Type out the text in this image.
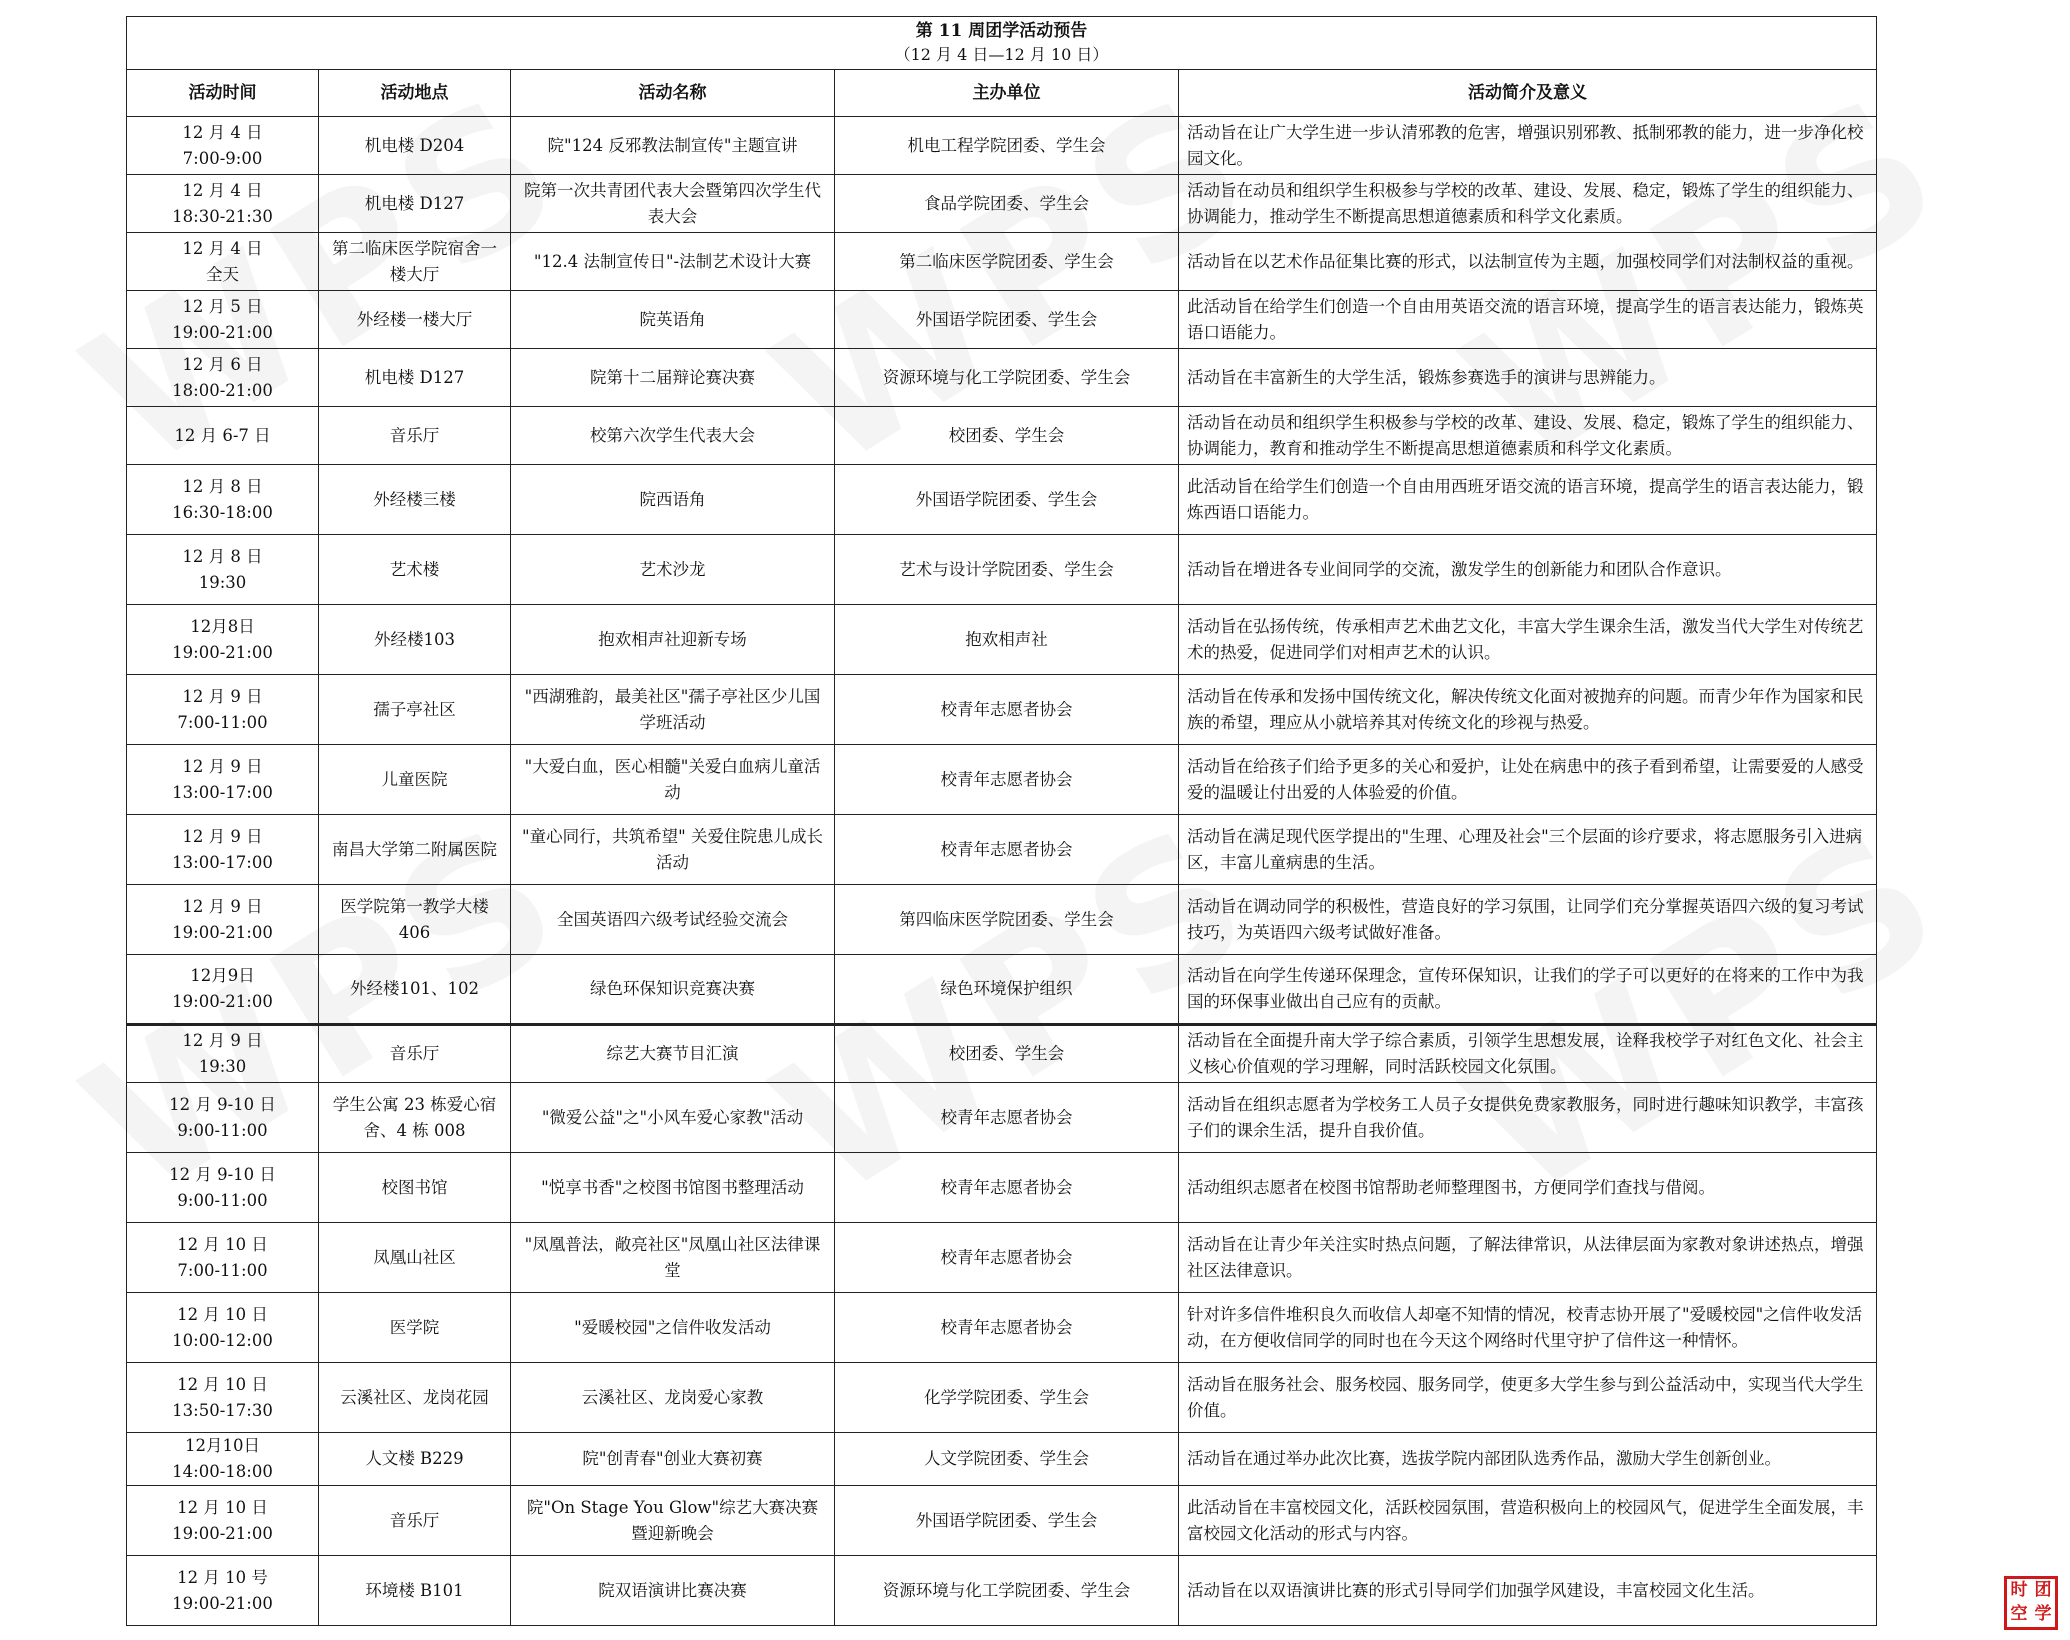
第 11 周团学活动预告
（12 月 4 日—12 月 10 日）				

活动时间	活动地点	活动名称	主办单位	活动简介及意义
12 月 4 日
7:00-9:00	机电楼 D204	院"124 反邪教法制宣传"主题宣讲	机电工程学院团委、学生会	活动旨在让广大学生进一步认清邪教的危害，增强识别邪教、抵制邪教的能力，进一步净化校园文化。
12 月 4 日
18:30-21:30	机电楼 D127	院第一次共青团代表大会暨第四次学生代表大会	食品学院团委、学生会	活动旨在动员和组织学生积极参与学校的改革、建设、发展、稳定，锻炼了学生的组织能力、协调能力，推动学生不断提高思想道德素质和科学文化素质。
12 月 4 日
全天	第二临床医学院宿舍一楼大厅	"12.4 法制宣传日"-法制艺术设计大赛	第二临床医学院团委、学生会	活动旨在以艺术作品征集比赛的形式，以法制宣传为主题，加强校同学们对法制权益的重视。
12 月 5 日
19:00-21:00	外经楼一楼大厅	院英语角	外国语学院团委、学生会	此活动旨在给学生们创造一个自由用英语交流的语言环境，提高学生的语言表达能力，锻炼英语口语能力。
12 月 6 日
18:00-21:00	机电楼 D127	院第十二届辩论赛决赛	资源环境与化工学院团委、学生会	活动旨在丰富新生的大学生活，锻炼参赛选手的演讲与思辨能力。
12 月 6-7 日	音乐厅	校第六次学生代表大会	校团委、学生会	活动旨在动员和组织学生积极参与学校的改革、建设、发展、稳定，锻炼了学生的组织能力、协调能力，教育和推动学生不断提高思想道德素质和科学文化素质。
12 月 8 日
16:30-18:00	外经楼三楼	院西语角	外国语学院团委、学生会	此活动旨在给学生们创造一个自由用西班牙语交流的语言环境，提高学生的语言表达能力，锻炼西语口语能力。
12 月 8 日
19:30	艺术楼	艺术沙龙	艺术与设计学院团委、学生会	活动旨在增进各专业间同学的交流，激发学生的创新能力和团队合作意识。
12月8日
19:00-21:00	外经楼103	抱欢相声社迎新专场	抱欢相声社	活动旨在弘扬传统，传承相声艺术曲艺文化，丰富大学生课余生活，激发当代大学生对传统艺术的热爱，促进同学们对相声艺术的认识。
12 月 9 日
7:00-11:00	孺子亭社区	"西湖雅韵，最美社区"孺子亭社区少儿国学班活动	校青年志愿者协会	活动旨在传承和发扬中国传统文化，解决传统文化面对被抛弃的问题。而青少年作为国家和民族的希望，理应从小就培养其对传统文化的珍视与热爱。
12 月 9 日
13:00-17:00	儿童医院	"大爱白血，医心相髓"关爱白血病儿童活动	校青年志愿者协会	活动旨在给孩子们给予更多的关心和爱护，让处在病患中的孩子看到希望，让需要爱的人感受爱的温暖让付出爱的人体验爱的价值。
12 月 9 日
13:00-17:00	南昌大学第二附属医院	"童心同行，共筑希望" 关爱住院患儿成长活动	校青年志愿者协会	活动旨在满足现代医学提出的"生理、心理及社会"三个层面的诊疗要求，将志愿服务引入进病区，丰富儿童病患的生活。
12 月 9 日
19:00-21:00	医学院第一教学大楼 406	全国英语四六级考试经验交流会	第四临床医学院团委、学生会	活动旨在调动同学的积极性，营造良好的学习氛围，让同学们充分掌握英语四六级的复习考试技巧，为英语四六级考试做好准备。
12月9日
19:00-21:00	外经楼101、102	绿色环保知识竞赛决赛	绿色环境保护组织	活动旨在向学生传递环保理念，宣传环保知识，让我们的学子可以更好的在将来的工作中为我国的环保事业做出自己应有的贡献。
12 月 9 日
19:30	音乐厅	综艺大赛节目汇演	校团委、学生会	活动旨在全面提升南大学子综合素质，引领学生思想发展，诠释我校学子对红色文化、社会主义核心价值观的学习理解，同时活跃校园文化氛围。
12 月 9-10 日
9:00-11:00	学生公寓 23 栋爱心宿舍、4 栋 008	"微爱公益"之"小风车爱心家教"活动	校青年志愿者协会	活动旨在组织志愿者为学校务工人员子女提供免费家教服务，同时进行趣味知识教学，丰富孩子们的课余生活，提升自我价值。
12 月 9-10 日
9:00-11:00	校图书馆	"悦享书香"之校图书馆图书整理活动	校青年志愿者协会	活动组织志愿者在校图书馆帮助老师整理图书，方便同学们查找与借阅。
12 月 10 日
7:00-11:00	凤凰山社区	"凤凰普法，敞亮社区"凤凰山社区法律课堂	校青年志愿者协会	活动旨在让青少年关注实时热点问题，了解法律常识，从法律层面为家教对象讲述热点，增强社区法律意识。
12 月 10 日
10:00-12:00	医学院	"爱暖校园"之信件收发活动	校青年志愿者协会	针对许多信件堆积良久而收信人却毫不知情的情况，校青志协开展了"爱暖校园"之信件收发活动，在方便收信同学的同时也在今天这个网络时代里守护了信件这一种情怀。
12 月 10 日
13:50-17:30	云溪社区、龙岗花园	云溪社区、龙岗爱心家教	化学学院团委、学生会	活动旨在服务社会、服务校园、服务同学，使更多大学生参与到公益活动中，实现当代大学生价值。
12月10日
14:00-18:00	人文楼 B229	院"创青春"创业大赛初赛	人文学院团委、学生会	活动旨在通过举办此次比赛，选拔学院内部团队选秀作品，激励大学生创新创业。
12 月 10 日
19:00-21:00	音乐厅	院"On Stage You Glow"综艺大赛决赛暨迎新晚会	外国语学院团委、学生会	此活动旨在丰富校园文化，活跃校园氛围，营造积极向上的校园风气，促进学生全面发展，丰富校园文化活动的形式与内容。
12 月 10 号
19:00-21:00	环境楼 B101	院双语演讲比赛决赛	资源环境与化工学院团委、学生会	活动旨在以双语演讲比赛的形式引导同学们加强学风建设，丰富校园文化生活。	时 团
空 学
